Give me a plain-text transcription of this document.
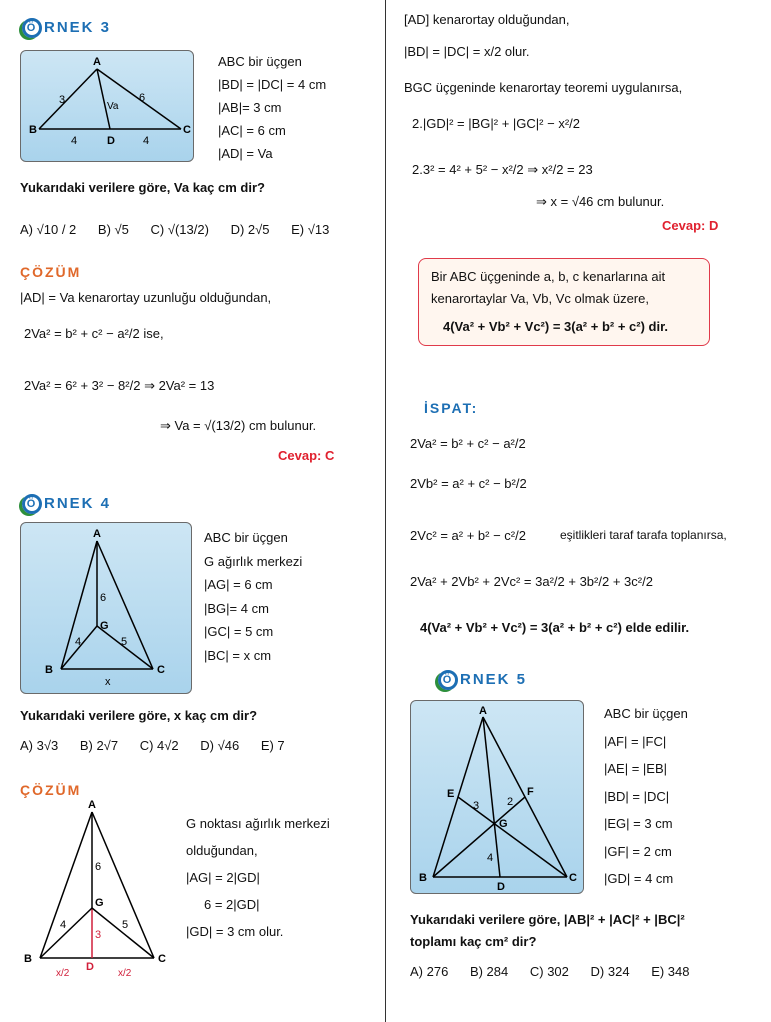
Ö RNEK 3
A
B	C
D
3	6
4	4
Va
ABC bir üçgen
|BD| = |DC| = 4 cm
|AB|= 3 cm
|AC| = 6 cm
|AD| = Va
Yukarıdaki verilere göre, Va kaç cm dir?
A) √10 / 2 B) √5 C) √(13/2) D) 2√5 E) √13
ÇÖZÜM
|AD| = Va kenarortay uzunluğu olduğundan,
2Va² = b² + c² − a²/2 ise,
2Va² = 6² + 3² − 8²/2 ⇒ 2Va² = 13
⇒ Va = √(13/2) cm bulunur.
Cevap: C
Ö RNEK 4
A
B	C
G
6
4	5
x
ABC bir üçgen
G ağırlık merkezi
|AG| = 6 cm
|BG|= 4 cm
|GC| = 5 cm
|BC| = x cm
Yukarıdaki verilere göre, x kaç cm dir?
A) 3√3 B) 2√7 C) 4√2 D) √46 E) 7
ÇÖZÜM
A
B	C
G
D
6
4	5
3
x/2	x/2
G noktası ağırlık merkezi
olduğundan,
|AG| = 2|GD|
6 = 2|GD|
|GD| = 3 cm olur.
[AD] kenarortay olduğundan,
|BD| = |DC| = x/2 olur.
BGC üçgeninde kenarortay teoremi uygulanırsa,
2.|GD|² = |BG|² + |GC|² − x²/2
2.3² = 4² + 5² − x²/2 ⇒ x²/2 = 23
⇒ x = √46 cm bulunur.
Cevap: D
Bir ABC üçgeninde a, b, c kenarlarına ait
kenarortaylar Va, Vb, Vc olmak üzere,
4(Va² + Vb² + Vc²) = 3(a² + b² + c²) dir.
İSPAT:
2Va² = b² + c² − a²/2
2Vb² = a² + c² − b²/2
2Vc² = a² + b² − c²/2	eşitlikleri taraf tarafa toplanırsa,
2Va² + 2Vb² + 2Vc² = 3a²/2 + 3b²/2 + 3c²/2
4(Va² + Vb² + Vc²) = 3(a² + b² + c²) elde edilir.
Ö RNEK 5
A
B	C
D
E	F
G
3	2
4
ABC bir üçgen
|AF| = |FC|
|AE| = |EB|
|BD| = |DC|
|EG| = 3 cm
|GF| = 2 cm
|GD| = 4 cm
Yukarıdaki verilere göre, |AB|² + |AC|² + |BC|²
toplamı kaç cm² dir?
A) 276 B) 284 C) 302 D) 324 E) 348
